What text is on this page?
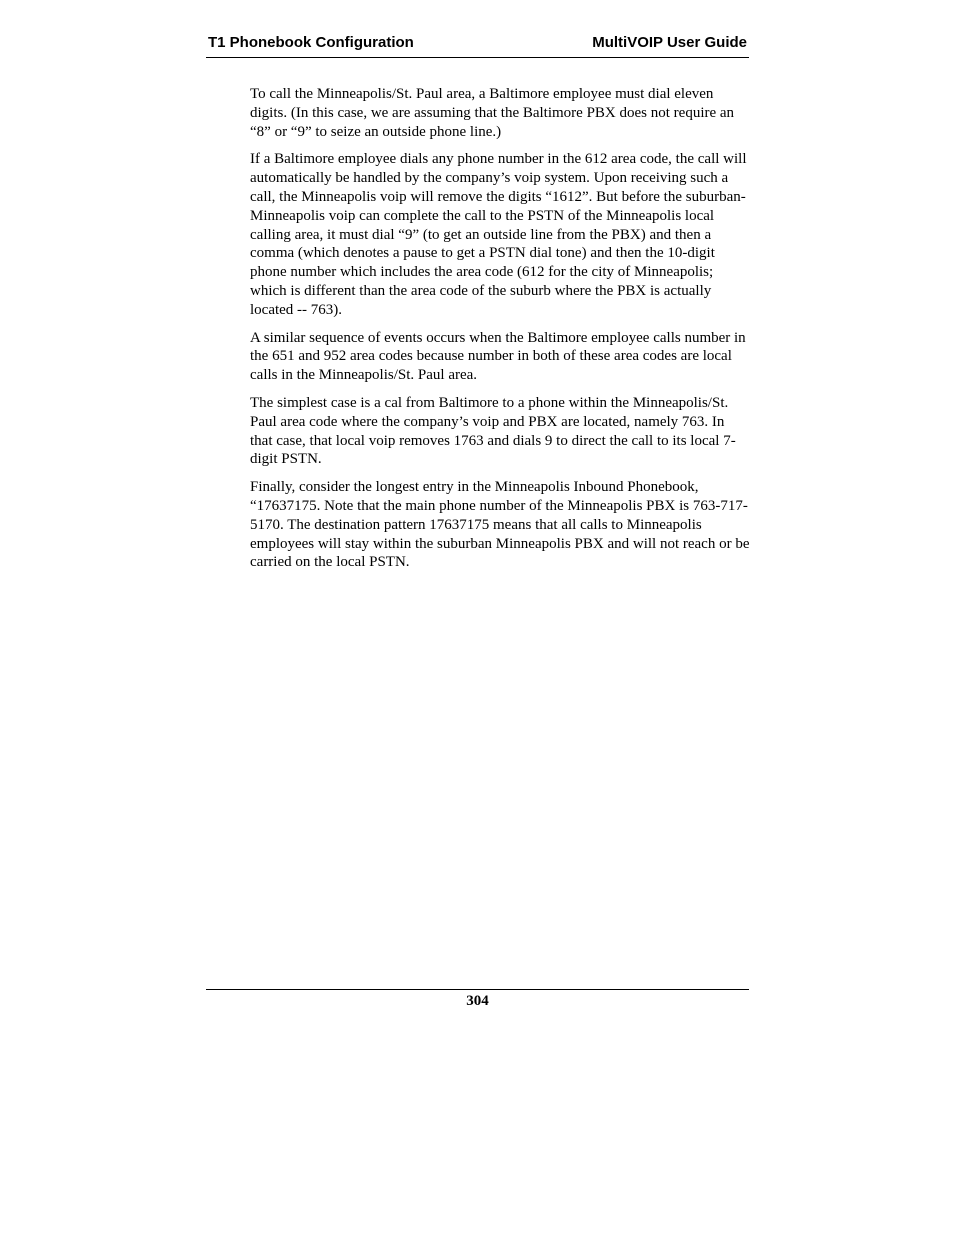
T1 Phonebook Configuration	MultiVOIP User Guide

To call the Minneapolis/St. Paul area, a Baltimore employee must dial eleven digits. (In this case, we are assuming that the Baltimore PBX does not require an “8” or “9” to seize an outside phone line.)

If a Baltimore employee dials any phone number in the 612 area code, the call will automatically be handled by the company’s voip system. Upon receiving such a call, the Minneapolis voip will remove the digits “1612”. But before the suburban-Minneapolis voip can complete the call to the PSTN of the Minneapolis local calling area, it must dial “9” (to get an outside line from the PBX) and then a comma (which denotes a pause to get a PSTN dial tone) and then the 10-digit phone number which includes the area code (612 for the city of Minneapolis; which is different than the area code of the suburb where the PBX is actually located -- 763).

A similar sequence of events occurs when the Baltimore employee calls number in the 651 and 952 area codes because number in both of these area codes are local calls in the Minneapolis/St. Paul area.

The simplest case is a cal from Baltimore to a phone within the Minneapolis/St. Paul area code where the company’s voip and PBX are located, namely 763. In that case, that local voip removes 1763 and dials 9 to direct the call to its local 7-digit PSTN.

Finally, consider the longest entry in the Minneapolis Inbound Phonebook, “17637175. Note that the main phone number of the Minneapolis PBX is 763-717-5170. The destination pattern 17637175 means that all calls to Minneapolis employees will stay within the suburban Minneapolis PBX and will not reach or be carried on the local PSTN.

304
